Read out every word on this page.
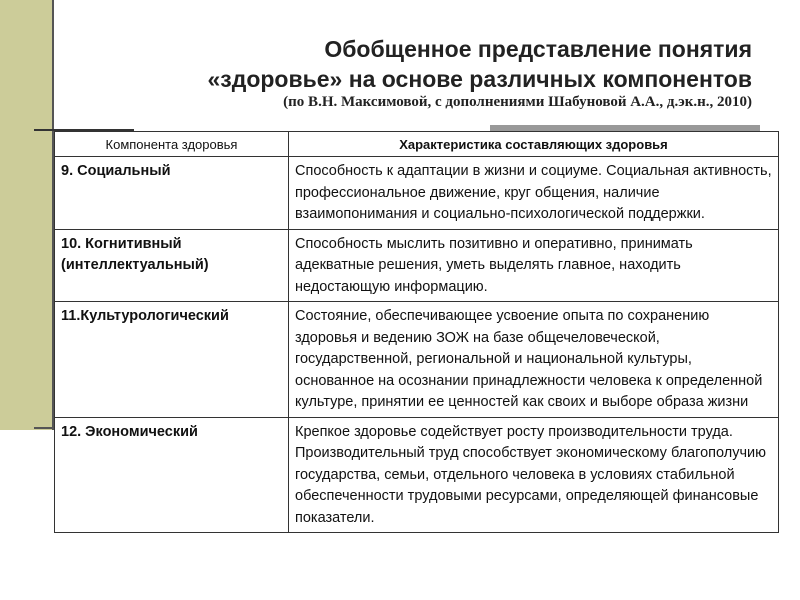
Обобщенное представление понятия
«здоровье» на основе различных компонентов
(по В.Н. Максимовой, с дополнениями Шабуновой А.А., д.эк.н., 2010)
Компонента здоровья	Характеристика составляющих здоровья
9. Социальный	Способность к адаптации в жизни и социуме. Социальная активность, профессиональное движение, круг общения, наличие взаимопонимания и социально-психологической поддержки.
10. Когнитивный (интеллектуальный)	Способность мыслить позитивно и оперативно, принимать адекватные решения, уметь выделять главное, находить недостающую информацию.
11.Культурологический	Состояние, обеспечивающее усвоение опыта по сохранению здоровья и ведению ЗОЖ на базе общечеловеческой, государственной, региональной и национальной культуры, основанное на осознании принадлежности человека к определенной культуре, принятии ее ценностей как своих и выборе образа жизни
12. Экономический	Крепкое здоровье содействует росту производительности труда. Производительный труд способствует экономическому благополучию государства, семьи, отдельного человека в условиях стабильной обеспеченности трудовыми ресурсами, определяющей финансовые показатели.
